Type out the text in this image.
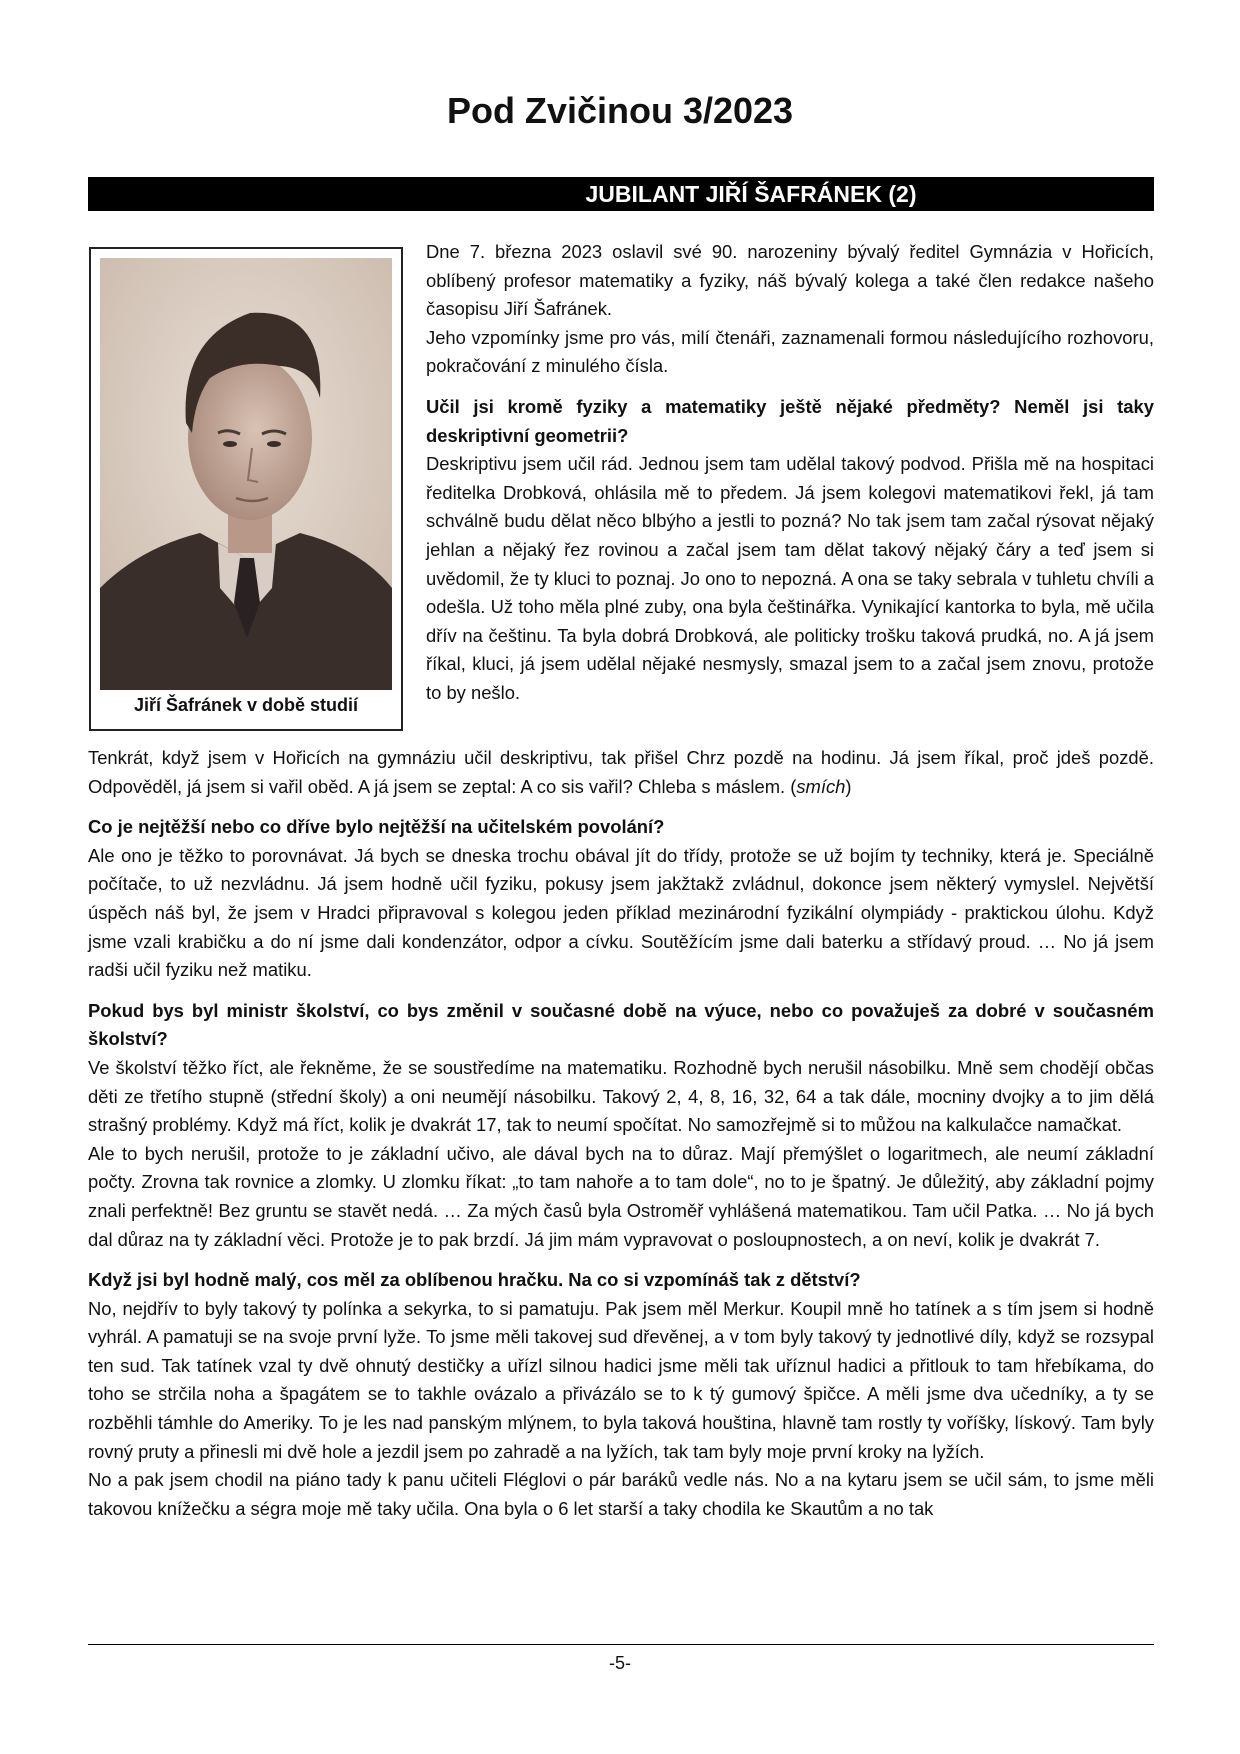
Pod Zvičinou 3/2023
JUBILANT JIŘÍ ŠAFRÁNEK (2)

Jiří Šafránek v době studií

Dne 7. března 2023 oslavil své 90. narozeniny bývalý ředitel Gymnázia v Hořicích, oblíbený profesor matematiky a fyziky, náš bývalý kolega a také člen redakce našeho časopisu Jiří Šafránek.
Jeho vzpomínky jsme pro vás, milí čtenáři, zaznamenali formou následujícího rozhovoru, pokračování z minulého čísla.

Učil jsi kromě fyziky a matematiky ještě nějaké předměty? Neměl jsi taky deskriptivní geometrii?

Deskriptivu jsem učil rád. Jednou jsem tam udělal takový podvod. Přišla mě na hospitaci ředitelka Drobková, ohlásila mě to předem. Já jsem kolegovi matematikovi řekl, já tam schválně budu dělat něco blbýho a jestli to pozná? No tak jsem tam začal rýsovat nějaký jehlan a nějaký řez rovinou a začal jsem tam dělat takový nějaký čáry a teď jsem si uvědomil, že ty kluci to poznaj. Jo ono to nepozná. A ona se taky sebrala v tuhletu chvíli a odešla. Už toho měla plné zuby, ona byla češtinářka. Vynikající kantorka to byla, mě učila dřív na češtinu. Ta byla dobrá Drobková, ale politicky trošku taková prudká, no. A já jsem říkal, kluci, já jsem udělal nějaké nesmysly, smazal jsem to a začal jsem znovu, protože to by nešlo.

Tenkrát, když jsem v Hořicích na gymnáziu učil deskriptivu, tak přišel Chrz pozdě na hodinu. Já jsem říkal, proč jdeš pozdě. Odpověděl, já jsem si vařil oběd. A já jsem se zeptal: A co sis vařil? Chleba s máslem. (smích)

Co je nejtěžší nebo co dříve bylo nejtěžší na učitelském povolání?

Ale ono je těžko to porovnávat. Já bych se dneska trochu obával jít do třídy, protože se už bojím ty techniky, která je. Speciálně počítače, to už nezvládnu. Já jsem hodně učil fyziku, pokusy jsem jakžtakž zvládnul, dokonce jsem některý vymyslel. Největší úspěch náš byl, že jsem v Hradci připravoval s kolegou jeden příklad mezinárodní fyzikální olympiády - praktickou úlohu. Když jsme vzali krabičku a do ní jsme dali kondenzátor, odpor a cívku. Soutěžícím jsme dali baterku a střídavý proud. … No já jsem radši učil fyziku než matiku.

Pokud bys byl ministr školství, co bys změnil v současné době na výuce, nebo co považuješ za dobré v současném školství?

Ve školství těžko říct, ale řekněme, že se soustředíme na matematiku. Rozhodně bych nerušil násobilku. Mně sem chodějí občas děti ze třetího stupně (střední školy) a oni neumějí násobilku. Takový 2, 4, 8, 16, 32, 64 a tak dále, mocniny dvojky a to jim dělá strašný problémy. Když má říct, kolik je dvakrát 17, tak to neumí spočítat. No samozřejmě si to můžou na kalkulačce namačkat.

Ale to bych nerušil, protože to je základní učivo, ale dával bych na to důraz. Mají přemýšlet o logaritmech, ale neumí základní počty. Zrovna tak rovnice a zlomky. U zlomku říkat: „to tam nahoře a to tam dole“, no to je špatný. Je důležitý, aby základní pojmy znali perfektně! Bez gruntu se stavět nedá. … Za mých časů byla Ostroměř vyhlášená matematikou. Tam učil Patka. … No já bych dal důraz na ty základní věci. Protože je to pak brzdí. Já jim mám vypravovat o posloupnostech, a on neví, kolik je dvakrát 7.

Když jsi byl hodně malý, cos měl za oblíbenou hračku. Na co si vzpomínáš tak z dětství?

No, nejdřív to byly takový ty polínka a sekyrka, to si pamatuju. Pak jsem měl Merkur. Koupil mně ho tatínek a s tím jsem si hodně vyhrál. A pamatuji se na svoje první lyže. To jsme měli takovej sud dřevěnej, a v tom byly takový ty jednotlivé díly, když se rozsypal ten sud. Tak tatínek vzal ty dvě ohnutý destičky a uřízl silnou hadici jsme měli tak uříznul hadici a přitlouk to tam hřebíkama, do toho se strčila noha a špagátem se to takhle ovázalo a přivázálo se to k tý gumový špičce. A měli jsme dva učedníky, a ty se rozběhli támhle do Ameriky. To je les nad panským mlýnem, to byla taková houština, hlavně tam rostly ty voříšky, lískový. Tam byly rovný pruty a přinesli mi dvě hole a jezdil jsem po zahradě a na lyžích, tak tam byly moje první kroky na lyžích.

No a pak jsem chodil na piáno tady k panu učiteli Fléglovi o pár baráků vedle nás. No a na kytaru jsem se učil sám, to jsme měli takovou knížečku a ségra moje mě taky učila. Ona byla o 6 let starší a taky chodila ke Skautům a no tak

-5-
